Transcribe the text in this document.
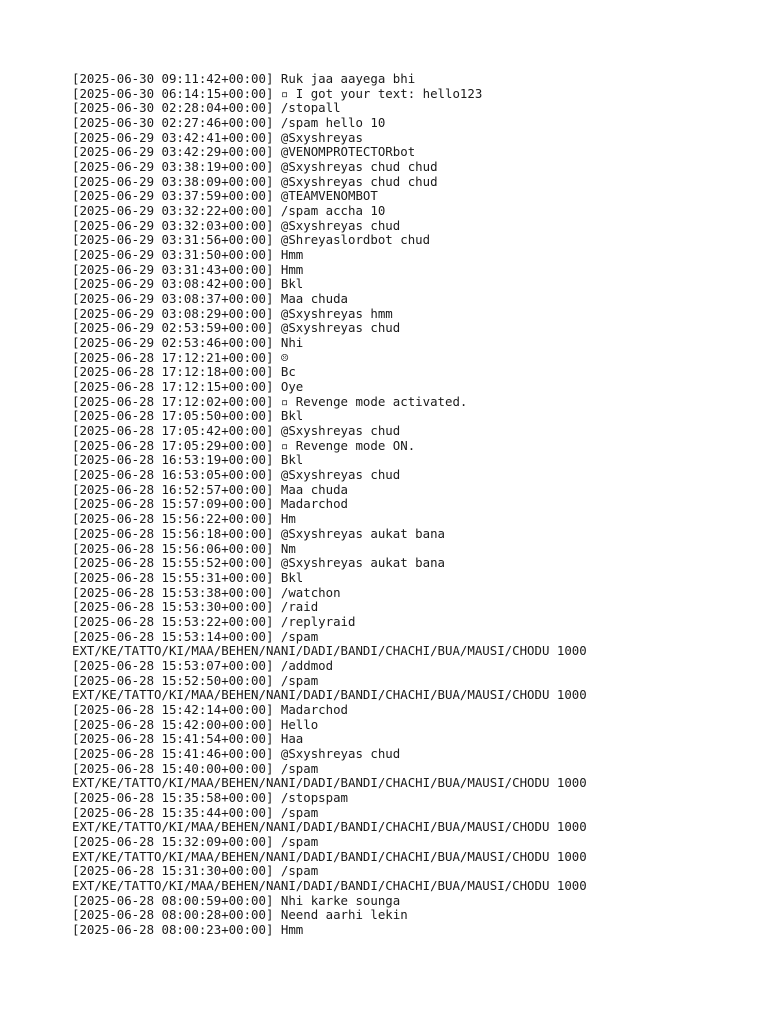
[2025-06-30 09:11:42+00:00] Ruk jaa aayega bhi
[2025-06-30 06:14:15+00:00] ▫ I got your text: hello123
[2025-06-30 02:28:04+00:00] /stopall
[2025-06-30 02:27:46+00:00] /spam hello 10
[2025-06-29 03:42:41+00:00] @Sxyshreyas
[2025-06-29 03:42:29+00:00] @VENOMPROTECTORbot
[2025-06-29 03:38:19+00:00] @Sxyshreyas chud chud
[2025-06-29 03:38:09+00:00] @Sxyshreyas chud chud
[2025-06-29 03:37:59+00:00] @TEAMVENOMBOT
[2025-06-29 03:32:22+00:00] /spam accha 10
[2025-06-29 03:32:03+00:00] @Sxyshreyas chud
[2025-06-29 03:31:56+00:00] @Shreyaslordbot chud
[2025-06-29 03:31:50+00:00] Hmm
[2025-06-29 03:31:43+00:00] Hmm
[2025-06-29 03:08:42+00:00] Bkl
[2025-06-29 03:08:37+00:00] Maa chuda
[2025-06-29 03:08:29+00:00] @Sxyshreyas hmm
[2025-06-29 02:53:59+00:00] @Sxyshreyas chud
[2025-06-29 02:53:46+00:00] Nhi
[2025-06-28 17:12:21+00:00] ☹
[2025-06-28 17:12:18+00:00] Bc
[2025-06-28 17:12:15+00:00] Oye
[2025-06-28 17:12:02+00:00] ▫ Revenge mode activated.
[2025-06-28 17:05:50+00:00] Bkl
[2025-06-28 17:05:42+00:00] @Sxyshreyas chud
[2025-06-28 17:05:29+00:00] ▫ Revenge mode ON.
[2025-06-28 16:53:19+00:00] Bkl
[2025-06-28 16:53:05+00:00] @Sxyshreyas chud
[2025-06-28 16:52:57+00:00] Maa chuda
[2025-06-28 15:57:09+00:00] Madarchod
[2025-06-28 15:56:22+00:00] Hm
[2025-06-28 15:56:18+00:00] @Sxyshreyas aukat bana
[2025-06-28 15:56:06+00:00] Nm
[2025-06-28 15:55:52+00:00] @Sxyshreyas aukat bana
[2025-06-28 15:55:31+00:00] Bkl
[2025-06-28 15:53:38+00:00] /watchon
[2025-06-28 15:53:30+00:00] /raid
[2025-06-28 15:53:22+00:00] /replyraid
[2025-06-28 15:53:14+00:00] /spam
EXT/KE/TATTO/KI/MAA/BEHEN/NANI/DADI/BANDI/CHACHI/BUA/MAUSI/CHODU 1000
[2025-06-28 15:53:07+00:00] /addmod
[2025-06-28 15:52:50+00:00] /spam
EXT/KE/TATTO/KI/MAA/BEHEN/NANI/DADI/BANDI/CHACHI/BUA/MAUSI/CHODU 1000
[2025-06-28 15:42:14+00:00] Madarchod
[2025-06-28 15:42:00+00:00] Hello
[2025-06-28 15:41:54+00:00] Haa
[2025-06-28 15:41:46+00:00] @Sxyshreyas chud
[2025-06-28 15:40:00+00:00] /spam
EXT/KE/TATTO/KI/MAA/BEHEN/NANI/DADI/BANDI/CHACHI/BUA/MAUSI/CHODU 1000
[2025-06-28 15:35:58+00:00] /stopspam
[2025-06-28 15:35:44+00:00] /spam
EXT/KE/TATTO/KI/MAA/BEHEN/NANI/DADI/BANDI/CHACHI/BUA/MAUSI/CHODU 1000
[2025-06-28 15:32:09+00:00] /spam
EXT/KE/TATTO/KI/MAA/BEHEN/NANI/DADI/BANDI/CHACHI/BUA/MAUSI/CHODU 1000
[2025-06-28 15:31:30+00:00] /spam
EXT/KE/TATTO/KI/MAA/BEHEN/NANI/DADI/BANDI/CHACHI/BUA/MAUSI/CHODU 1000
[2025-06-28 08:00:59+00:00] Nhi karke sounga
[2025-06-28 08:00:28+00:00] Neend aarhi lekin
[2025-06-28 08:00:23+00:00] Hmm
